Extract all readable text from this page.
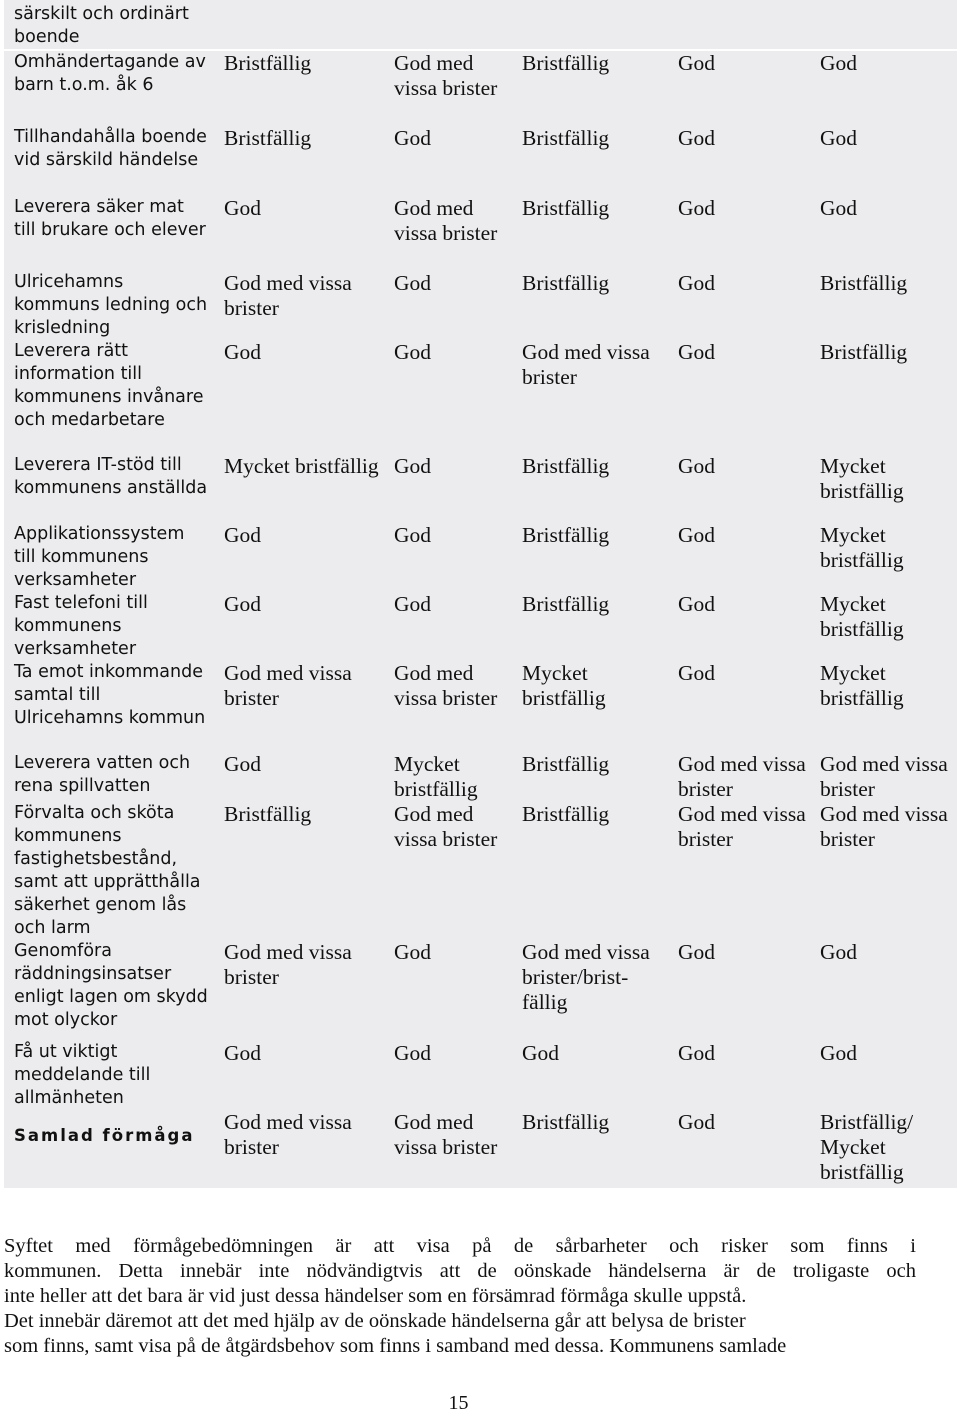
särskilt och ordinärt boende					
Omhändertagande av barn t.o.m. åk 6	Bristfällig	God med vissa brister	Bristfällig	God	God
Tillhandahålla boende vid särskild händelse	Bristfällig	God	Bristfällig	God	God
Leverera säker mat till brukare och elever	God	God med vissa brister	Bristfällig	God	God
Ulricehamns kommuns ledning och krisledning	God med vissa brister	God	Bristfällig	God	Bristfällig
Leverera rätt information till kommunens invånare och medarbetare	God	God	God med vissa brister	God	Bristfällig
Leverera IT-stöd till kommunens anställda	Mycket bristfällig	God	Bristfällig	God	Mycket bristfällig
Applikationssystem till kommunens verksamheter	God	God	Bristfällig	God	Mycket bristfällig
Fast telefoni till kommunens verksamheter	God	God	Bristfällig	God	Mycket bristfällig
Ta emot inkommande samtal till Ulricehamns kommun	God med vissa brister	God med vissa brister	Mycket bristfällig	God	Mycket bristfällig
Leverera vatten och rena spillvatten	God	Mycket bristfällig	Bristfällig	God med vissa brister	God med vissa brister
Förvalta och sköta kommunens fastighetsbestånd, samt att upprätthålla säkerhet genom lås och larm	Bristfällig	God med vissa brister	Bristfällig	God med vissa brister	God med vissa brister
Genomföra räddningsinsatser enligt lagen om skydd mot olyckor	God med vissa brister	God	God med vissa brister/brist-fällig	God	God
Få ut viktigt meddelande till allmänheten	God	God	God	God	God
Samlad förmåga	God med vissa brister	God med vissa brister	Bristfällig	God	Bristfällig/ Mycket bristfällig

Syftet med förmågebedömningen är att visa på de sårbarheter och risker som finns i

kommunen. Detta innebär inte nödvändigtvis att de oönskade händelserna är de troligaste och

inte heller att det bara är vid just dessa händelser som en försämrad förmåga skulle uppstå.

Det innebär däremot att det med hjälp av de oönskade händelserna går att belysa de brister

som finns, samt visa på de åtgärdsbehov som finns i samband med dessa. Kommunens samlade

15
